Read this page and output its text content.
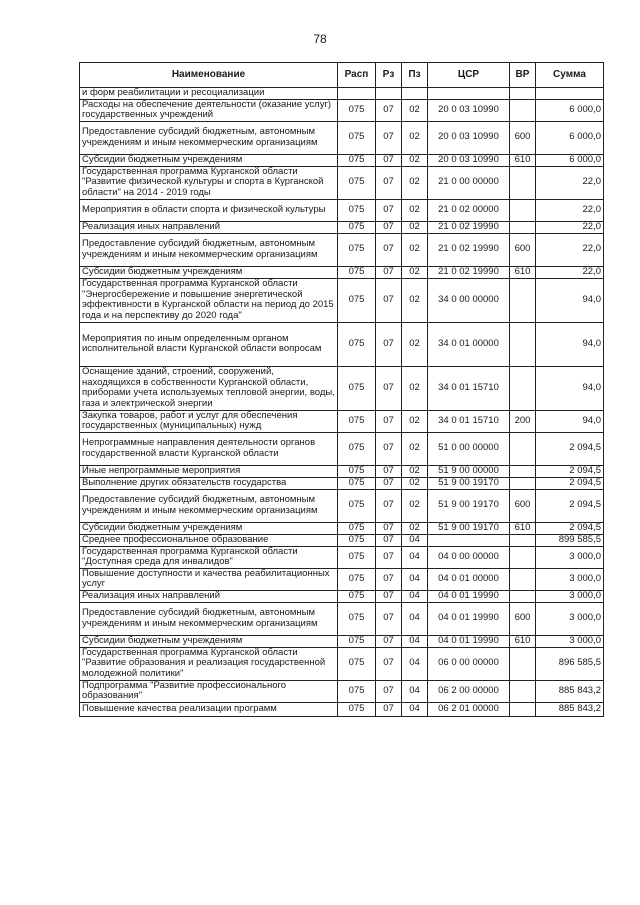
78
Наименование	Расп	Рз	Пз	ЦСР	ВР	Сумма
и форм реабилитации и ресоциализации						
Расходы на обеспечение деятельности (оказание услуг) государственных учреждений	075	07	02	20 0 03 10990		6 000,0
Предоставление субсидий бюджетным, автономным учреждениям и иным некоммерческим организациям	075	07	02	20 0 03 10990	600	6 000,0
Субсидии бюджетным учреждениям	075	07	02	20 0 03 10990	610	6 000,0
Государственная программа Курганской области "Развитие физической культуры и спорта в Курганской области" на 2014 - 2019 годы	075	07	02	21 0 00 00000		22,0
Мероприятия в области спорта и физической культуры	075	07	02	21 0 02 00000		22,0
Реализация иных направлений	075	07	02	21 0 02 19990		22,0
Предоставление субсидий бюджетным, автономным учреждениям и иным некоммерческим организациям	075	07	02	21 0 02 19990	600	22,0
Субсидии бюджетным учреждениям	075	07	02	21 0 02 19990	610	22,0
Государственная программа Курганской области "Энергосбережение и повышение энергетической эффективности в Курганской области на период до 2015 года и на перспективу до 2020 года"	075	07	02	34 0 00 00000		94,0
Мероприятия по иным определенным органом исполнительной власти Курганской области вопросам	075	07	02	34 0 01 00000		94,0
Оснащение зданий, строений, сооружений, находящихся в собственности Курганской области, приборами учета используемых тепловой энергии, воды, газа и электрической энергии	075	07	02	34 0 01 15710		94,0
Закупка товаров, работ и услуг для обеспечения государственных (муниципальных) нужд	075	07	02	34 0 01 15710	200	94,0
Непрограммные направления деятельности органов государственной власти Курганской области	075	07	02	51 0 00 00000		2 094,5
Иные непрограммные мероприятия	075	07	02	51 9 00 00000		2 094,5
Выполнение других обязательств государства	075	07	02	51 9 00 19170		2 094,5
Предоставление субсидий бюджетным, автономным учреждениям и иным некоммерческим организациям	075	07	02	51 9 00 19170	600	2 094,5
Субсидии бюджетным учреждениям	075	07	02	51 9 00 19170	610	2 094,5
Среднее профессиональное образование	075	07	04			899 585,5
Государственная программа Курганской области "Доступная среда для инвалидов"	075	07	04	04 0 00 00000		3 000,0
Повышение доступности и качества реабилитационных услуг	075	07	04	04 0 01 00000		3 000,0
Реализация иных направлений	075	07	04	04 0 01 19990		3 000,0
Предоставление субсидий бюджетным, автономным учреждениям и иным некоммерческим организациям	075	07	04	04 0 01 19990	600	3 000,0
Субсидии бюджетным учреждениям	075	07	04	04 0 01 19990	610	3 000,0
Государственная программа Курганской области "Развитие образования и реализация государственной молодежной политики"	075	07	04	06 0 00 00000		896 585,5
Подпрограмма "Развитие профессионального образования"	075	07	04	06 2 00 00000		885 843,2
Повышение качества реализации программ	075	07	04	06 2 01 00000		885 843,2
